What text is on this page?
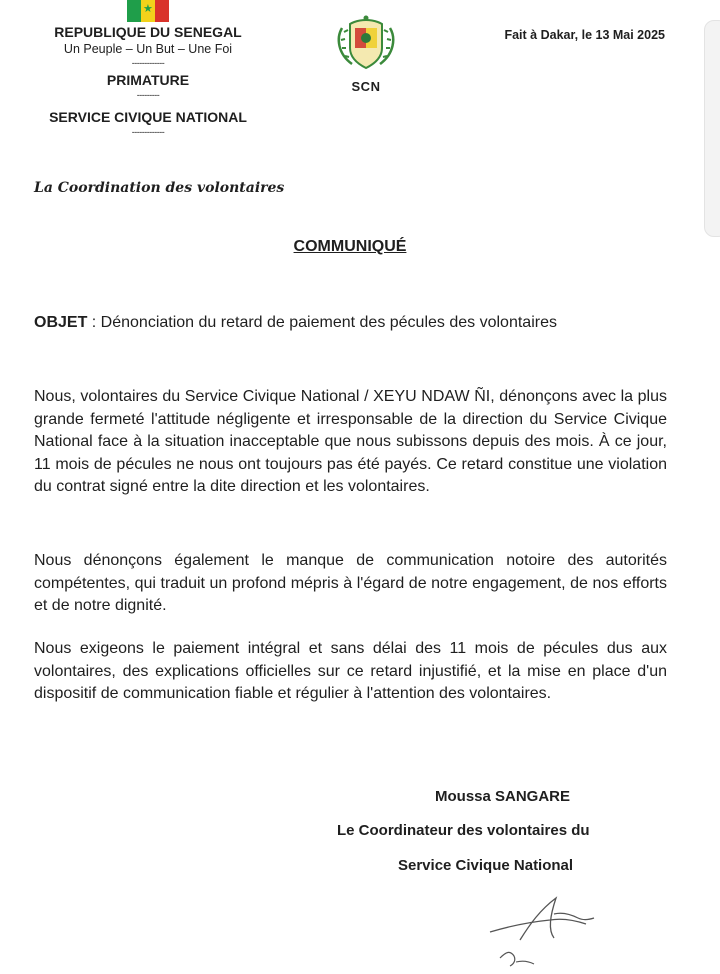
★
REPUBLIQUE DU SENEGAL
Un Peuple – Un But – Une Foi
-------------
PRIMATURE
---------
SERVICE CIVIQUE NATIONAL
-------------
SCN
Fait à Dakar, le 13 Mai 2025
La Coordination des volontaires
COMMUNIQUÉ
OBJET : Dénonciation du retard de paiement des pécules des volontaires
Nous, volontaires du Service Civique National / XEYU NDAW ÑI, dénonçons avec la plus grande fermeté l'attitude négligente et irresponsable de la direction du Service Civique National face à la situation inacceptable que nous subissons depuis des mois. À ce jour, 11 mois de pécules ne nous ont toujours pas été payés. Ce retard constitue une violation du contrat signé entre la dite direction et les volontaires.
Nous dénonçons également le manque de communication notoire des autorités compétentes, qui traduit un profond mépris à l'égard de notre engagement, de nos efforts et de notre dignité.
Nous exigeons le paiement intégral et sans délai des 11 mois de pécules dus aux volontaires, des explications officielles sur ce retard injustifié, et la mise en place d'un dispositif de communication fiable et régulier à l'attention des volontaires.
Moussa SANGARE
Le Coordinateur des volontaires du
Service Civique National
